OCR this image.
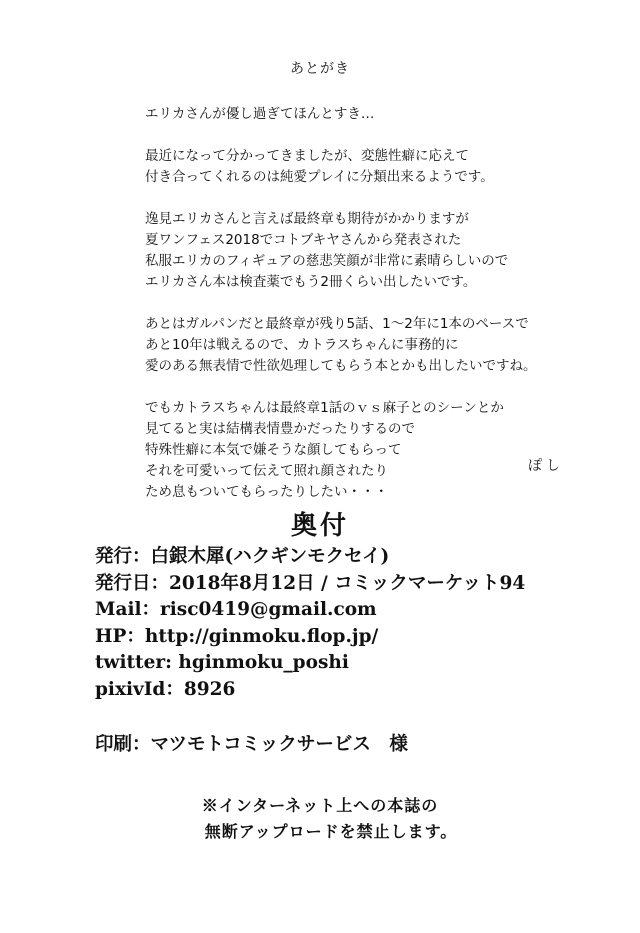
あとがき
エリカさんが優し過ぎてほんとすき…
最近になって分かってきましたが、変態性癖に応えて
付き合ってくれるのは純愛プレイに分類出来るようです。
逸見エリカさんと言えば最終章も期待がかかりますが
夏ワンフェス2018でコトブキヤさんから発表された
私服エリカのフィギュアの慈悲笑顔が非常に素晴らしいので
エリカさん本は検査薬でもう2冊くらい出したいです。
あとはガルパンだと最終章が残り5話、1～2年に1本のペースで
あと10年は戦えるので、カトラスちゃんに事務的に
愛のある無表情で性欲処理してもらう本とかも出したいですね。
でもカトラスちゃんは最終章1話のｖｓ麻子とのシーンとか
見てると実は結構表情豊かだったりするので
特殊性癖に本気で嫌そうな顔してもらって
それを可愛いって伝えて照れ顔されたり
ため息もついてもらったりしたい・・・
ぽし
奥付
発行：白銀木犀(ハクギンモクセイ)
発行日：2018年8月12日 / コミックマーケット94
Mail：risc0419@gmail.com
HP：http://ginmoku.flop.jp/
twitter: hginmoku_poshi
pixivId：8926
印刷：マツモトコミックサービス　様
※インターネット上への本誌の
無断アップロードを禁止します。
